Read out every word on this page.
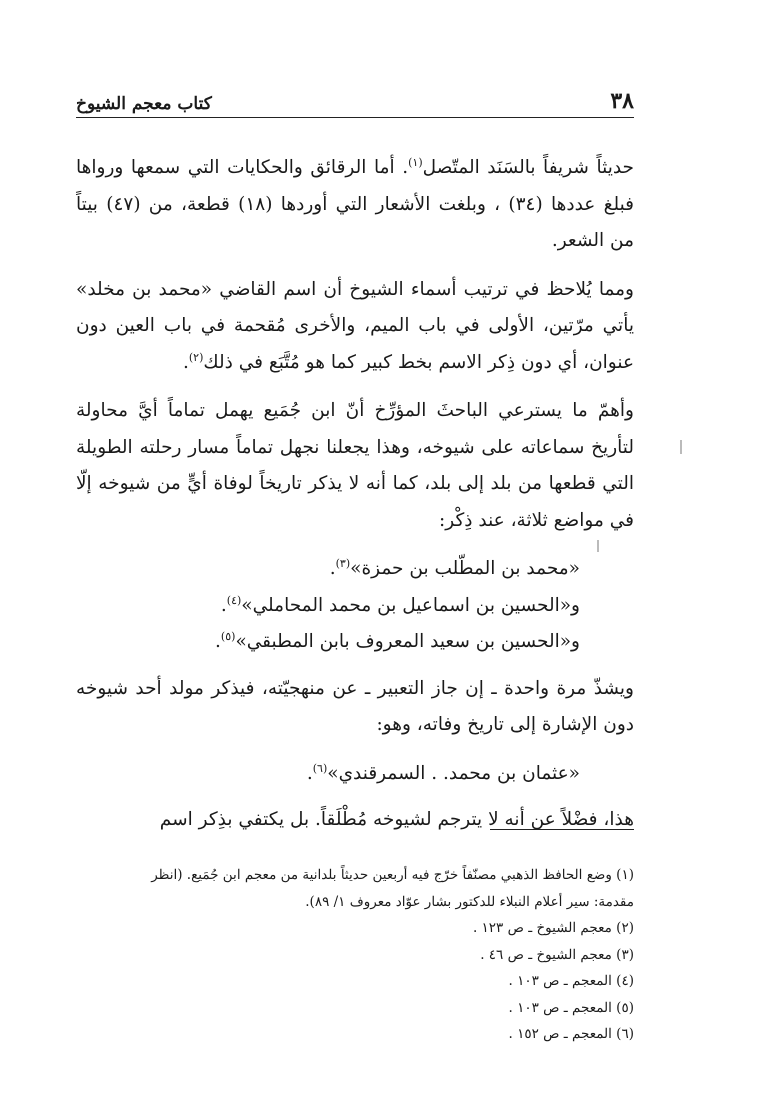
٣٨
كتاب معجم الشيوخ

حديثاً شريفاً بالسَنَد المتّصل$^{(١)}$. أما الرقائق والحكايات التي سمعها ورواها فبلغ عددها (٣٤) ، وبلغت الأشعار التي أوردها (١٨) قطعة، من (٤٧) بيتاً من الشعر.

ومما يُلاحظ في ترتيب أسماء الشيوخ أن اسم القاضي «محمد بن مخلد» يأتي مرّتين، الأولى في باب الميم، والأخرى مُقحمة في باب العين دون عنوان، أي دون ذِكر الاسم بخط كبير كما هو مُتَّبَع في ذلك$^{(٢)}$.

وأهمّ ما يسترعي الباحثَ المؤرِّخ أنّ ابن جُمَيع يهمل تماماً أيَّ محاولة لتأريخ سماعاته على شيوخه، وهذا يجعلنا نجهل تماماً مسار رحلته الطويلة التي قطعها من بلد إلى بلد، كما أنه لا يذكر تاريخاً لوفاة أيٍّ من شيوخه إلّا في مواضع ثلاثة، عند ذِكْر:

«محمد بن المطّلب بن حمزة»$^{(٣)}$.

و«الحسين بن اسماعيل بن محمد المحاملي»$^{(٤)}$.

و«الحسين بن سعيد المعروف بابن المطبقي»$^{(٥)}$.

ويشذّ مرة واحدة ـ إن جاز التعبير ـ عن منهجيّته، فيذكر مولد أحد شيوخه دون الإشارة إلى تاريخ وفاته، وهو:

«عثمان بن محمد. . السمرقندي»$^{(٦)}$.

هذا، فضْلاً عن أنه لا يترجم لشيوخه مُطْلَقاً. بل يكتفي بذِكر اسم

(١) وضع الحافظ الذهبي مصنّفاً خرّج فيه أربعين حديثاً بلدانية من معجم ابن جُمَيع. (انظر
مقدمة: سير أعلام النبلاء للدكتور بشار عوّاد معروف ١/ ٨٩).

(٢) معجم الشيوخ ـ ص ١٢٣ .

(٣) معجم الشيوخ ـ ص ٤٦ .

(٤) المعجم ـ ص ١٠٣ .

(٥) المعجم ـ ص ١٠٣ .

(٦) المعجم ـ ص ١٥٢ .
